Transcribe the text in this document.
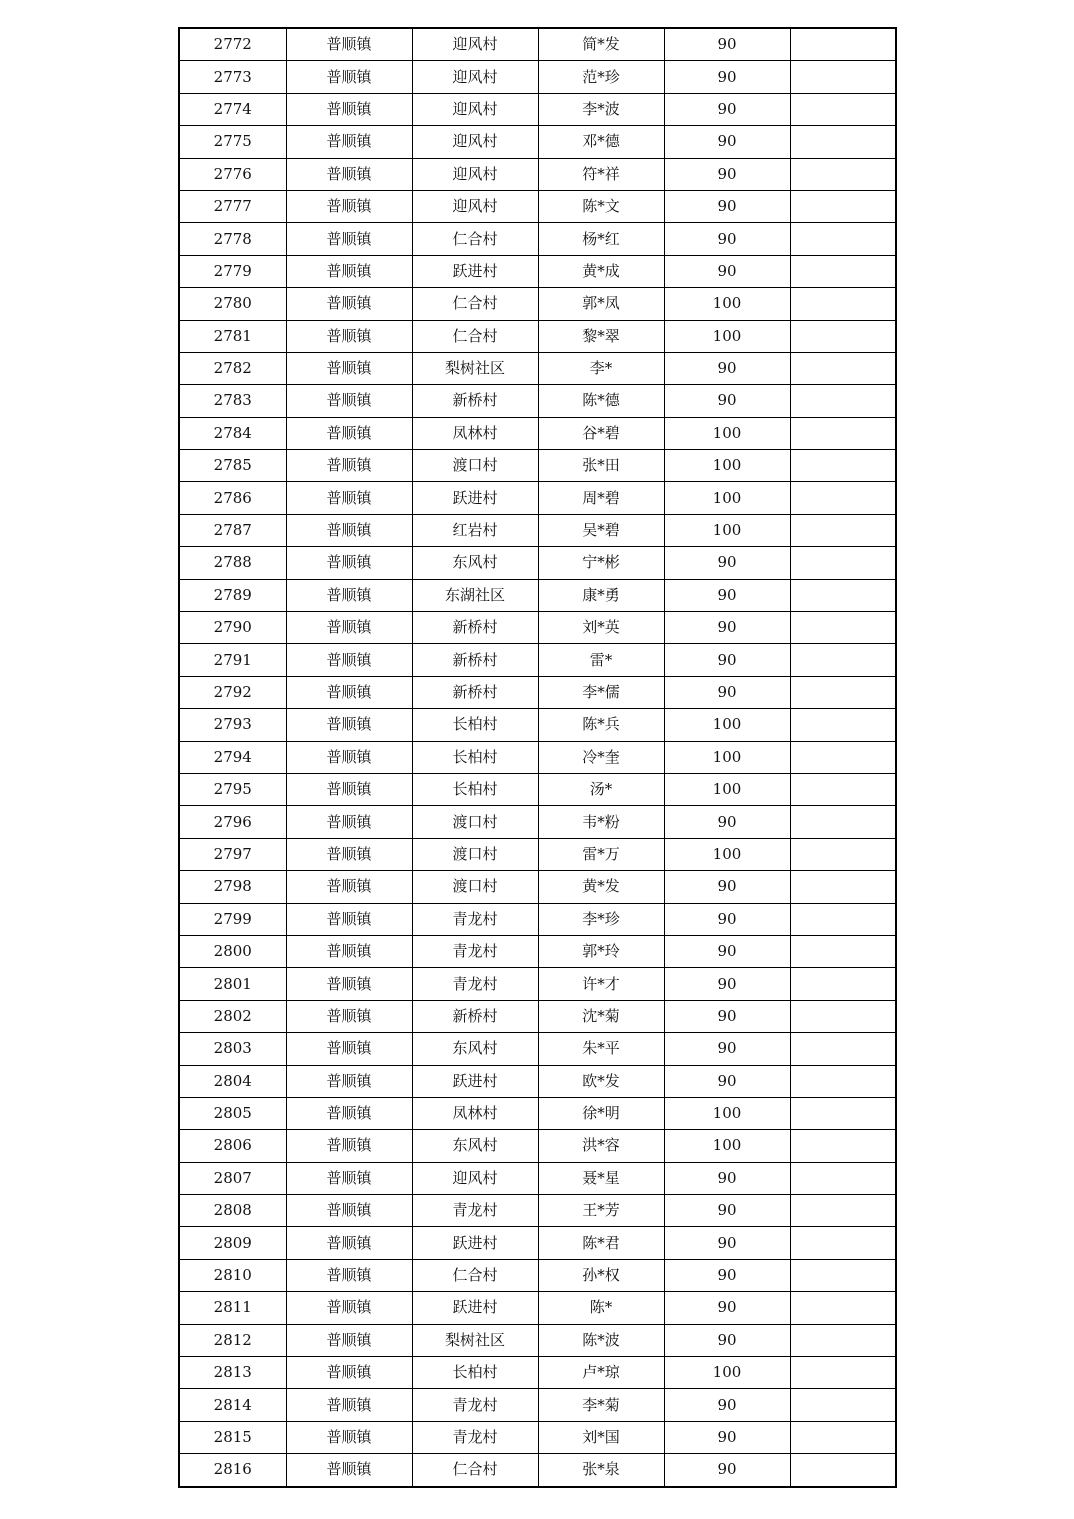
2772	普顺镇	迎风村	简*发	90	
2773	普顺镇	迎风村	范*珍	90	
2774	普顺镇	迎风村	李*波	90	
2775	普顺镇	迎风村	邓*德	90	
2776	普顺镇	迎风村	符*祥	90	
2777	普顺镇	迎风村	陈*文	90	
2778	普顺镇	仁合村	杨*红	90	
2779	普顺镇	跃进村	黄*成	90	
2780	普顺镇	仁合村	郭*凤	100	
2781	普顺镇	仁合村	黎*翠	100	
2782	普顺镇	梨树社区	李*	90	
2783	普顺镇	新桥村	陈*德	90	
2784	普顺镇	凤林村	谷*碧	100	
2785	普顺镇	渡口村	张*田	100	
2786	普顺镇	跃进村	周*碧	100	
2787	普顺镇	红岩村	吴*碧	100	
2788	普顺镇	东风村	宁*彬	90	
2789	普顺镇	东湖社区	康*勇	90	
2790	普顺镇	新桥村	刘*英	90	
2791	普顺镇	新桥村	雷*	90	
2792	普顺镇	新桥村	李*儒	90	
2793	普顺镇	长柏村	陈*兵	100	
2794	普顺镇	长柏村	冷*奎	100	
2795	普顺镇	长柏村	汤*	100	
2796	普顺镇	渡口村	韦*粉	90	
2797	普顺镇	渡口村	雷*万	100	
2798	普顺镇	渡口村	黄*发	90	
2799	普顺镇	青龙村	李*珍	90	
2800	普顺镇	青龙村	郭*玲	90	
2801	普顺镇	青龙村	许*才	90	
2802	普顺镇	新桥村	沈*菊	90	
2803	普顺镇	东风村	朱*平	90	
2804	普顺镇	跃进村	欧*发	90	
2805	普顺镇	凤林村	徐*明	100	
2806	普顺镇	东风村	洪*容	100	
2807	普顺镇	迎风村	聂*星	90	
2808	普顺镇	青龙村	王*芳	90	
2809	普顺镇	跃进村	陈*君	90	
2810	普顺镇	仁合村	孙*权	90	
2811	普顺镇	跃进村	陈*	90	
2812	普顺镇	梨树社区	陈*波	90	
2813	普顺镇	长柏村	卢*琼	100	
2814	普顺镇	青龙村	李*菊	90	
2815	普顺镇	青龙村	刘*国	90	
2816	普顺镇	仁合村	张*泉	90	
